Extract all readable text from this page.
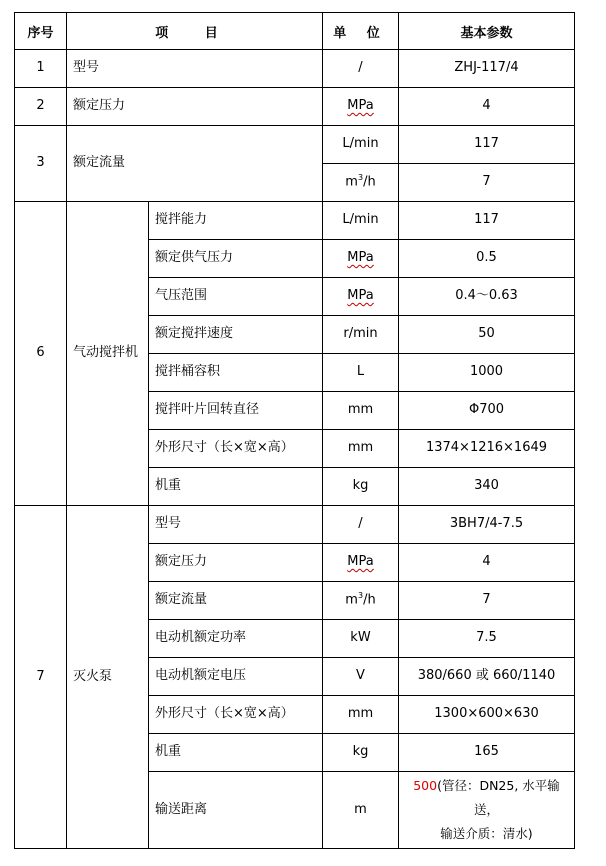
序号	项 目		单 位	基本参数
1	型号		/	ZHJ-117/4
2	额定压力		MPa	4
3	额定流量		L/min	117
			$m^3/h$	7
6	气动搅拌机	搅拌能力	L/min	117
		额定供气压力	MPa	0.5
		气压范围	MPa	0.4～0.63
		额定搅拌速度	r/min	50
		搅拌桶容积	L	1000
		搅拌叶片回转直径	mm	Φ700
		外形尺寸（长×宽×高）	mm	1374×1216×1649
		机重	kg	340
7	灭火泵	型号	/	3BH7/4-7.5
		额定压力	MPa	4
		额定流量	$m^3/h$	7
		电动机额定功率	kW	7.5
		电动机额定电压	V	380/660 或 660/1140
		外形尺寸（长×宽×高）	mm	1300×600×630
		机重	kg	165
		输送距离	m	500(管径：DN25, 水平输送，
输送介质：清水)
